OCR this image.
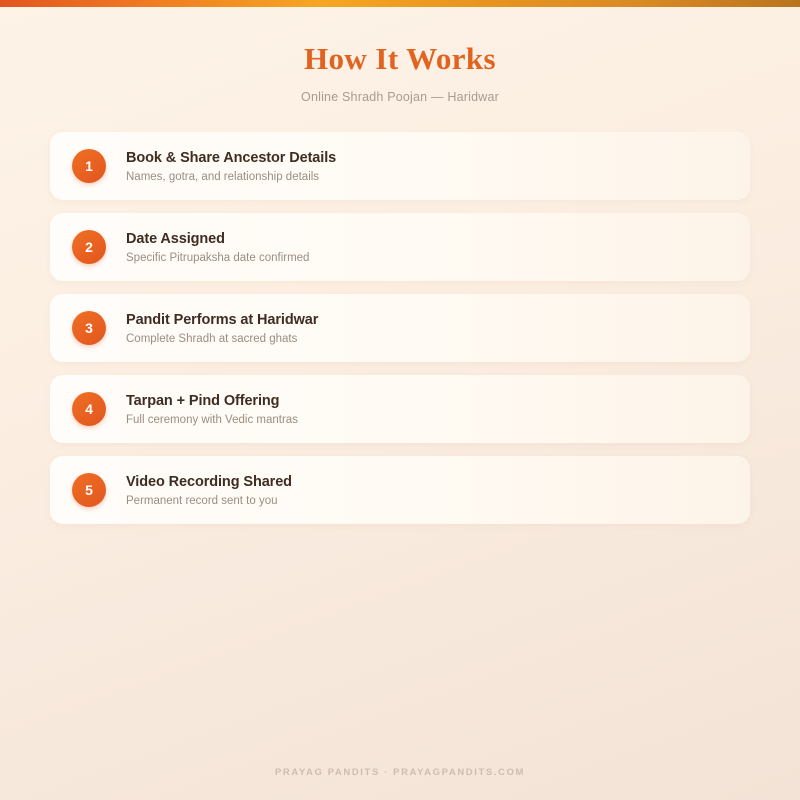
How It Works
Online Shradh Poojan — Haridwar
1
Book & Share Ancestor Details
Names, gotra, and relationship details
2
Date Assigned
Specific Pitrupaksha date confirmed
3
Pandit Performs at Haridwar
Complete Shradh at sacred ghats
4
Tarpan + Pind Offering
Full ceremony with Vedic mantras
5
Video Recording Shared
Permanent record sent to you
PRAYAG PANDITS · PRAYAGPANDITS.COM
